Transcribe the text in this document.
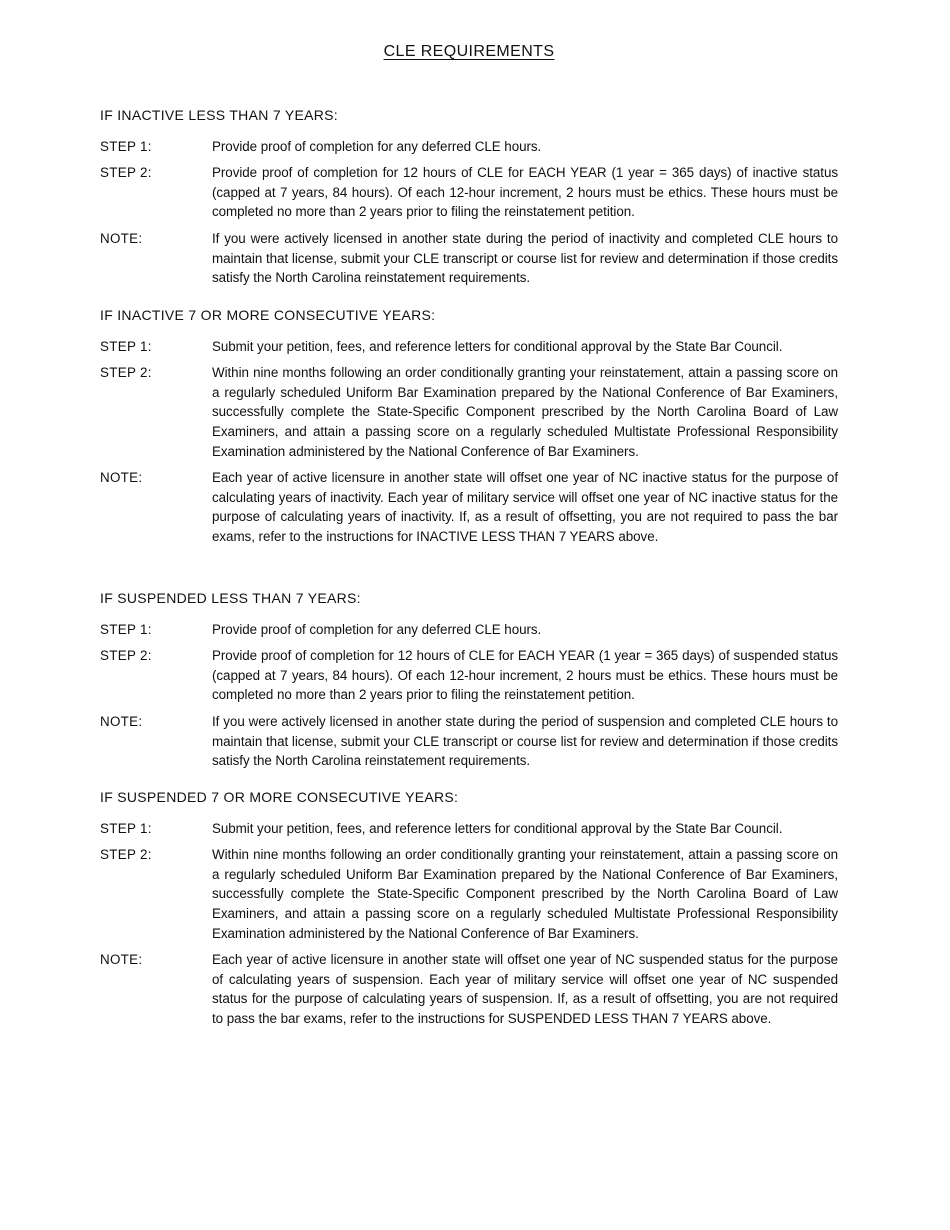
CLE REQUIREMENTS
IF INACTIVE LESS THAN 7 YEARS:
STEP 1:	Provide proof of completion for any deferred CLE hours.
STEP 2:	Provide proof of completion for 12 hours of CLE for EACH YEAR (1 year = 365 days) of inactive status (capped at 7 years, 84 hours). Of each 12-hour increment, 2 hours must be ethics. These hours must be completed no more than 2 years prior to filing the reinstatement petition.
NOTE:	If you were actively licensed in another state during the period of inactivity and completed CLE hours to maintain that license, submit your CLE transcript or course list for review and determination if those credits satisfy the North Carolina reinstatement requirements.
IF INACTIVE 7 OR MORE CONSECUTIVE YEARS:
STEP 1:	Submit your petition, fees, and reference letters for conditional approval by the State Bar Council.
STEP 2:	Within nine months following an order conditionally granting your reinstatement, attain a passing score on a regularly scheduled Uniform Bar Examination prepared by the National Conference of Bar Examiners, successfully complete the State-Specific Component prescribed by the North Carolina Board of Law Examiners, and attain a passing score on a regularly scheduled Multistate Professional Responsibility Examination administered by the National Conference of Bar Examiners.
NOTE:	Each year of active licensure in another state will offset one year of NC inactive status for the purpose of calculating years of inactivity. Each year of military service will offset one year of NC inactive status for the purpose of calculating years of inactivity. If, as a result of offsetting, you are not required to pass the bar exams, refer to the instructions for INACTIVE LESS THAN 7 YEARS above.
IF SUSPENDED LESS THAN 7 YEARS:
STEP 1:	Provide proof of completion for any deferred CLE hours.
STEP 2:	Provide proof of completion for 12 hours of CLE for EACH YEAR (1 year = 365 days) of suspended status (capped at 7 years, 84 hours). Of each 12-hour increment, 2 hours must be ethics. These hours must be completed no more than 2 years prior to filing the reinstatement petition.
NOTE:	If you were actively licensed in another state during the period of suspension and completed CLE hours to maintain that license, submit your CLE transcript or course list for review and determination if those credits satisfy the North Carolina reinstatement requirements.
IF SUSPENDED 7 OR MORE CONSECUTIVE YEARS:
STEP 1:	Submit your petition, fees, and reference letters for conditional approval by the State Bar Council.
STEP 2:	Within nine months following an order conditionally granting your reinstatement, attain a passing score on a regularly scheduled Uniform Bar Examination prepared by the National Conference of Bar Examiners, successfully complete the State-Specific Component prescribed by the North Carolina Board of Law Examiners, and attain a passing score on a regularly scheduled Multistate Professional Responsibility Examination administered by the National Conference of Bar Examiners.
NOTE:	Each year of active licensure in another state will offset one year of NC suspended status for the purpose of calculating years of suspension. Each year of military service will offset one year of NC suspended status for the purpose of calculating years of suspension. If, as a result of offsetting, you are not required to pass the bar exams, refer to the instructions for SUSPENDED LESS THAN 7 YEARS above.
